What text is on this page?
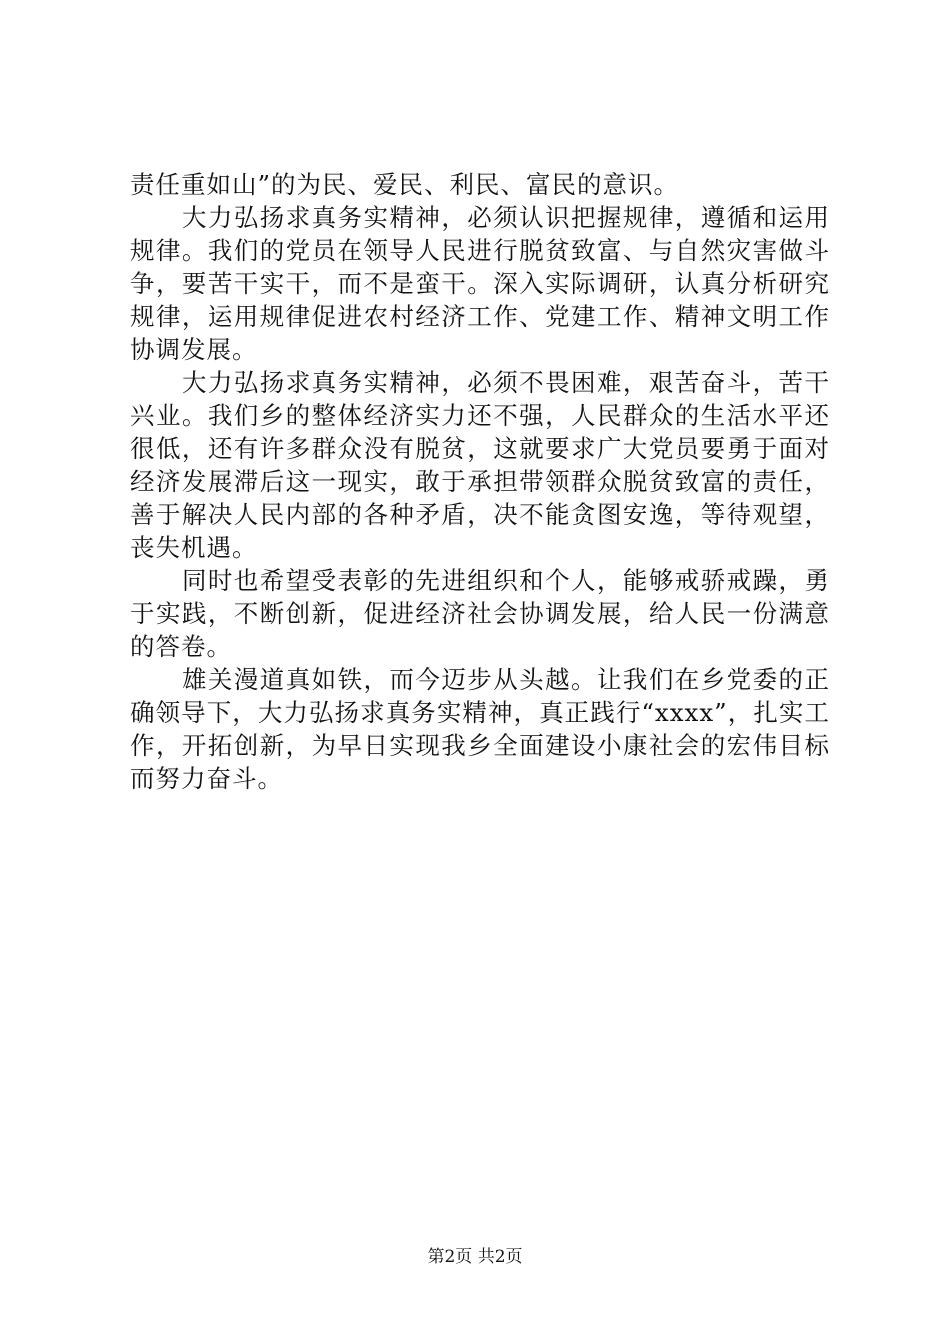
责任重如山”的为民、爱民、利民、富民的意识。

大力弘扬求真务实精神，必须认识把握规律，遵循和运用规律。我们的党员在领导人民进行脱贫致富、与自然灾害做斗争，要苦干实干，而不是蛮干。深入实际调研，认真分析研究规律，运用规律促进农村经济工作、党建工作、精神文明工作协调发展。

大力弘扬求真务实精神，必须不畏困难，艰苦奋斗，苦干兴业。我们乡的整体经济实力还不强，人民群众的生活水平还很低，还有许多群众没有脱贫，这就要求广大党员要勇于面对经济发展滞后这一现实，敢于承担带领群众脱贫致富的责任，善于解决人民内部的各种矛盾，决不能贪图安逸，等待观望，丧失机遇。

同时也希望受表彰的先进组织和个人，能够戒骄戒躁，勇于实践，不断创新，促进经济社会协调发展，给人民一份满意的答卷。

雄关漫道真如铁，而今迈步从头越。让我们在乡党委的正确领导下，大力弘扬求真务实精神，真正践行“xxxx”，扎实工作，开拓创新，为早日实现我乡全面建设小康社会的宏伟目标而努力奋斗。

第2页 共2页
